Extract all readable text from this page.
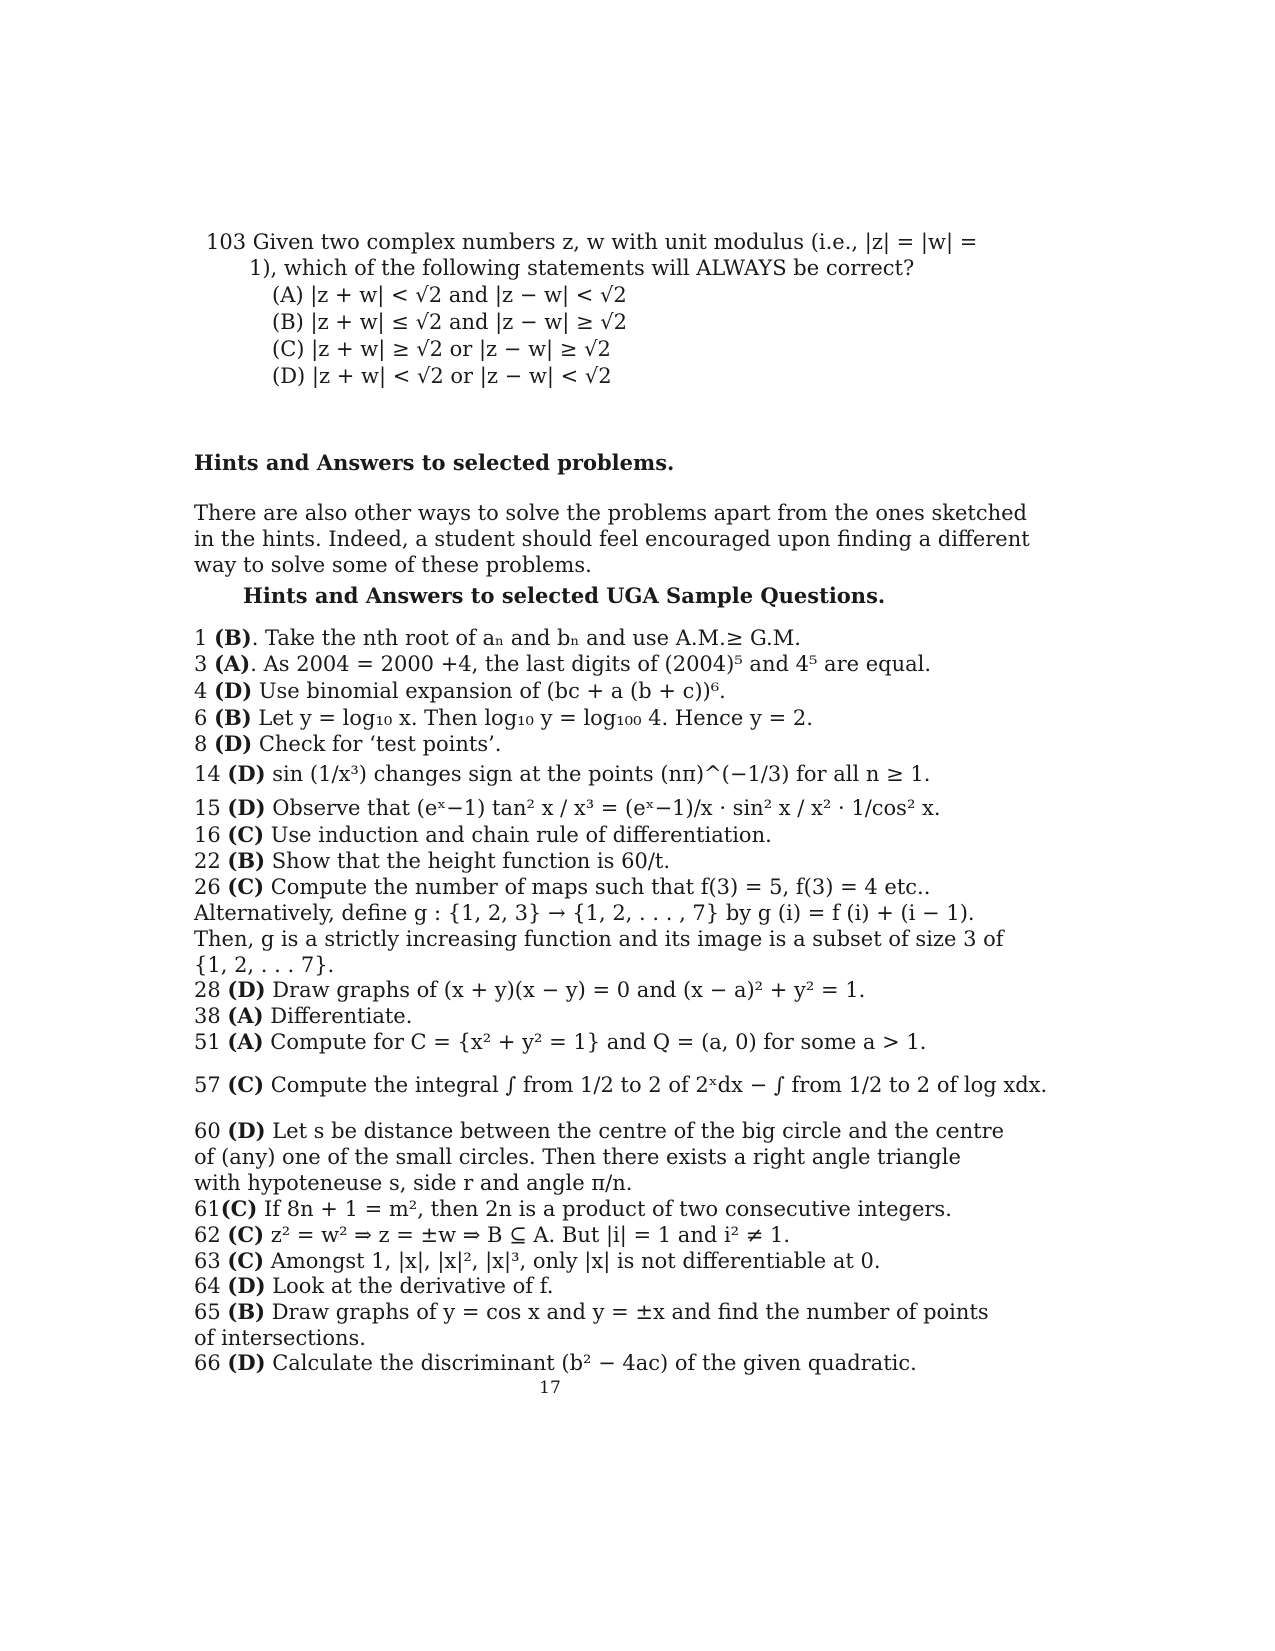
103 Given two complex numbers z, w with unit modulus (i.e., |z| = |w| =
1), which of the following statements will ALWAYS be correct?
(A) |z + w| < √2 and |z − w| < √2
(B) |z + w| ≤ √2 and |z − w| ≥ √2
(C) |z + w| ≥ √2 or |z − w| ≥ √2
(D) |z + w| < √2 or |z − w| < √2
Hints and Answers to selected problems.
There are also other ways to solve the problems apart from the ones sketched
in the hints. Indeed, a student should feel encouraged upon finding a different
way to solve some of these problems.
Hints and Answers to selected UGA Sample Questions.
1 (B). Take the nth root of aₙ and bₙ and use A.M.≥ G.M.
3 (A). As 2004 = 2000 +4, the last digits of (2004)⁵ and 4⁵ are equal.
4 (D) Use binomial expansion of (bc + a (b + c))⁶.
6 (B) Let y = log₁₀ x. Then log₁₀ y = log₁₀₀ 4. Hence y = 2.
8 (D) Check for ‘test points’.
14 (D) sin (1/x³) changes sign at the points (nπ)^(−1/3) for all n ≥ 1.
15 (D) Observe that (eˣ−1) tan² x / x³ = (eˣ−1)/x · sin² x / x² · 1/cos² x.
16 (C) Use induction and chain rule of differentiation.
22 (B) Show that the height function is 60/t.
26 (C) Compute the number of maps such that f(3) = 5, f(3) = 4 etc..
Alternatively, define g : {1, 2, 3} → {1, 2, . . . , 7} by g (i) = f (i) + (i − 1).
Then, g is a strictly increasing function and its image is a subset of size 3 of
{1, 2, . . . 7}.
28 (D) Draw graphs of (x + y)(x − y) = 0 and (x − a)² + y² = 1.
38 (A) Differentiate.
51 (A) Compute for C = {x² + y² = 1} and Q = (a, 0) for some a > 1.
57 (C) Compute the integral ∫ from 1/2 to 2 of 2ˣdx − ∫ from 1/2 to 2 of log xdx.
60 (D) Let s be distance between the centre of the big circle and the centre
of (any) one of the small circles. Then there exists a right angle triangle
with hypoteneuse s, side r and angle π/n.
61(C) If 8n + 1 = m², then 2n is a product of two consecutive integers.
62 (C) z² = w² ⇒ z = ±w ⇒ B ⊆ A. But |i| = 1 and i² ≠ 1.
63 (C) Amongst 1, |x|, |x|², |x|³, only |x| is not differentiable at 0.
64 (D) Look at the derivative of f.
65 (B) Draw graphs of y = cos x and y = ±x and find the number of points
of intersections.
66 (D) Calculate the discriminant (b² − 4ac) of the given quadratic.
17
